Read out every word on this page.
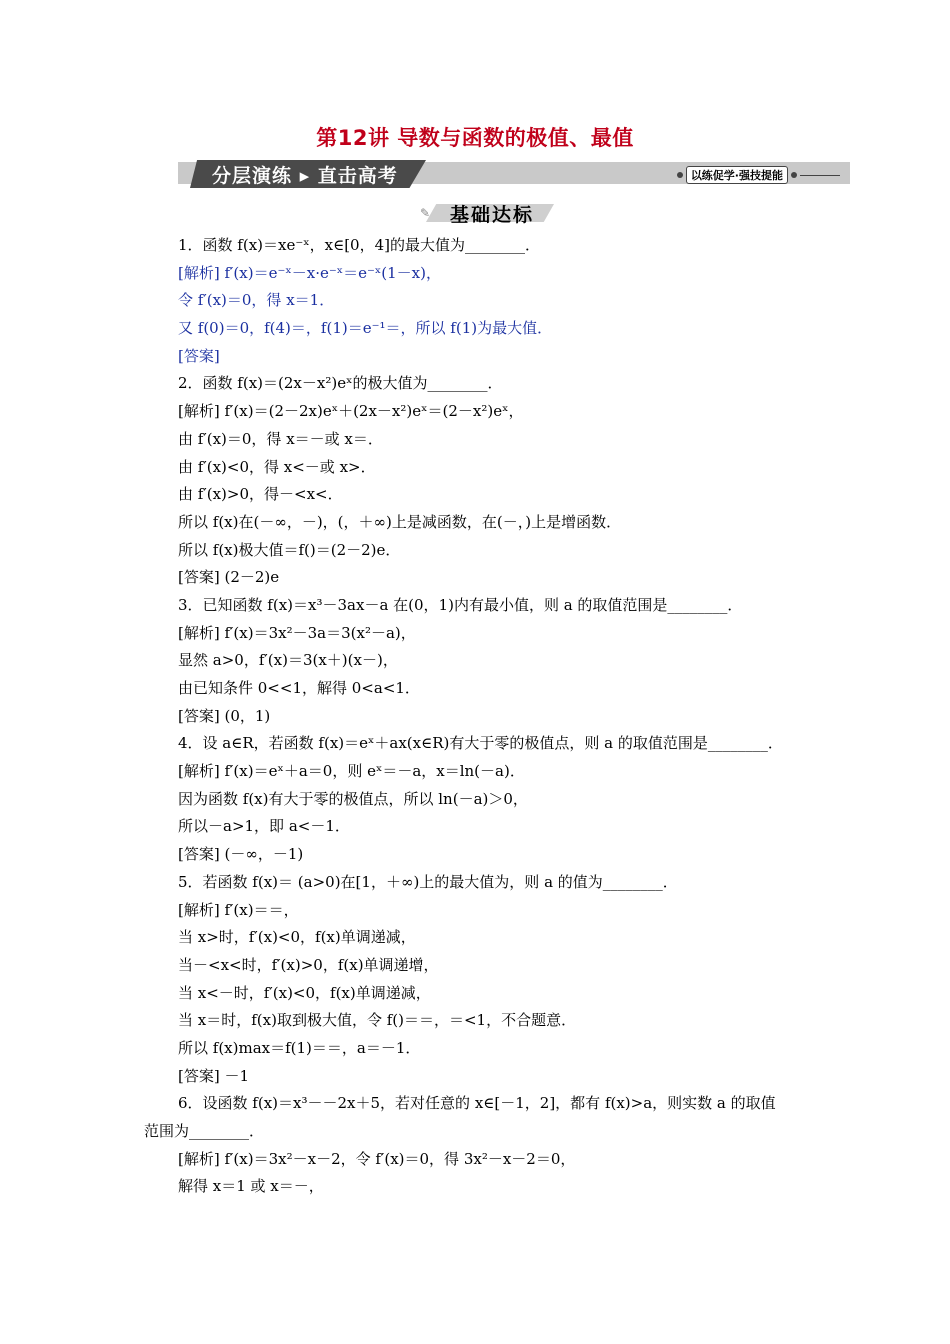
第12讲 导数与函数的极值、最值
分层演练 ▸ 直击高考	以练促学·强技提能
✎ 基础达标
1．函数 f(x)＝xe⁻ˣ，x∈[0，4]的最大值为________．
[解析] f′(x)＝e⁻ˣ－x·e⁻ˣ＝e⁻ˣ(1－x)，
令 f′(x)＝0，得 x＝1．
又 f(0)＝0，f(4)＝，f(1)＝e⁻¹＝，所以 f(1)为最大值．
[答案]
2．函数 f(x)＝(2x－x²)eˣ的极大值为________．
[解析] f′(x)＝(2－2x)eˣ＋(2x－x²)eˣ＝(2－x²)eˣ，
由 f′(x)＝0，得 x＝－或 x＝．
由 f′(x)<0，得 x<－或 x>．
由 f′(x)>0，得－<x<．
所以 f(x)在(－∞，－)，(，＋∞)上是减函数，在(－，)上是增函数．
所以 f(x)极大值＝f()＝(2－2)e．
[答案] (2－2)e
3．已知函数 f(x)＝x³－3ax－a 在(0，1)内有最小值，则 a 的取值范围是________．
[解析] f′(x)＝3x²－3a＝3(x²－a)，
显然 a>0，f′(x)＝3(x＋)(x－)，
由已知条件 0<<1，解得 0<a<1．
[答案] (0，1)
4．设 a∈R，若函数 f(x)＝eˣ＋ax(x∈R)有大于零的极值点，则 a 的取值范围是________．
[解析] f′(x)＝eˣ＋a＝0，则 eˣ＝－a，x＝ln(－a)．
因为函数 f(x)有大于零的极值点，所以 ln(－a)＞0，
所以－a>1，即 a<－1．
[答案] (－∞，－1)
5．若函数 f(x)＝ (a>0)在[1，＋∞)上的最大值为，则 a 的值为________．
[解析] f′(x)＝＝，
当 x>时，f′(x)<0，f(x)单调递减，
当－<x<时，f′(x)>0，f(x)单调递增，
当 x<－时，f′(x)<0，f(x)单调递减，
当 x＝时，f(x)取到极大值，令 f()＝＝，＝<1，不合题意．
所以 f(x)max＝f(1)＝＝，a＝－1．
[答案] －1
6．设函数 f(x)＝x³－－2x＋5，若对任意的 x∈[－1，2]，都有 f(x)>a，则实数 a 的取值
范围为________．
[解析] f′(x)＝3x²－x－2，令 f′(x)＝0，得 3x²－x－2＝0，
解得 x＝1 或 x＝－，
